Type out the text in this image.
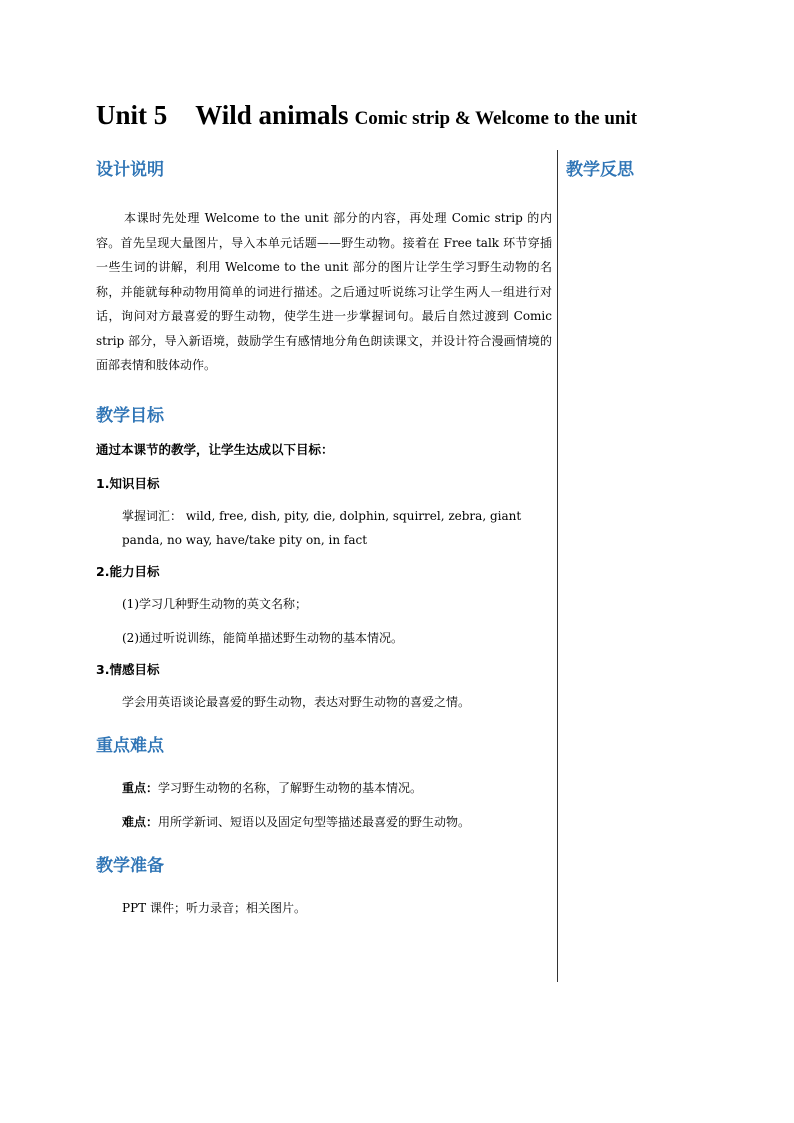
Unit 5 Wild animals Comic strip & Welcome to the unit
设计说明

本课时先处理 Welcome to the unit 部分的内容，再处理 Comic strip 的内容。首先呈现大量图片，导入本单元话题——野生动物。接着在 Free talk 环节穿插一些生词的讲解，利用 Welcome to the unit 部分的图片让学生学习野生动物的名称，并能就每种动物用简单的词进行描述。之后通过听说练习让学生两人一组进行对话，询问对方最喜爱的野生动物，使学生进一步掌握词句。最后自然过渡到 Comic strip 部分，导入新语境，鼓励学生有感情地分角色朗读课文，并设计符合漫画情境的面部表情和肢体动作。

教学目标

通过本课节的教学，让学生达成以下目标：

1.知识目标

掌握词汇： wild, free, dish, pity, die, dolphin, squirrel, zebra, giant panda, no way, have/take pity on, in fact

2.能力目标

(1)学习几种野生动物的英文名称；

(2)通过听说训练，能简单描述野生动物的基本情况。

3.情感目标

学会用英语谈论最喜爱的野生动物，表达对野生动物的喜爱之情。

重点难点

重点：学习野生动物的名称，了解野生动物的基本情况。

难点：用所学新词、短语以及固定句型等描述最喜爱的野生动物。

教学准备

PPT 课件；听力录音；相关图片。

教学反思
